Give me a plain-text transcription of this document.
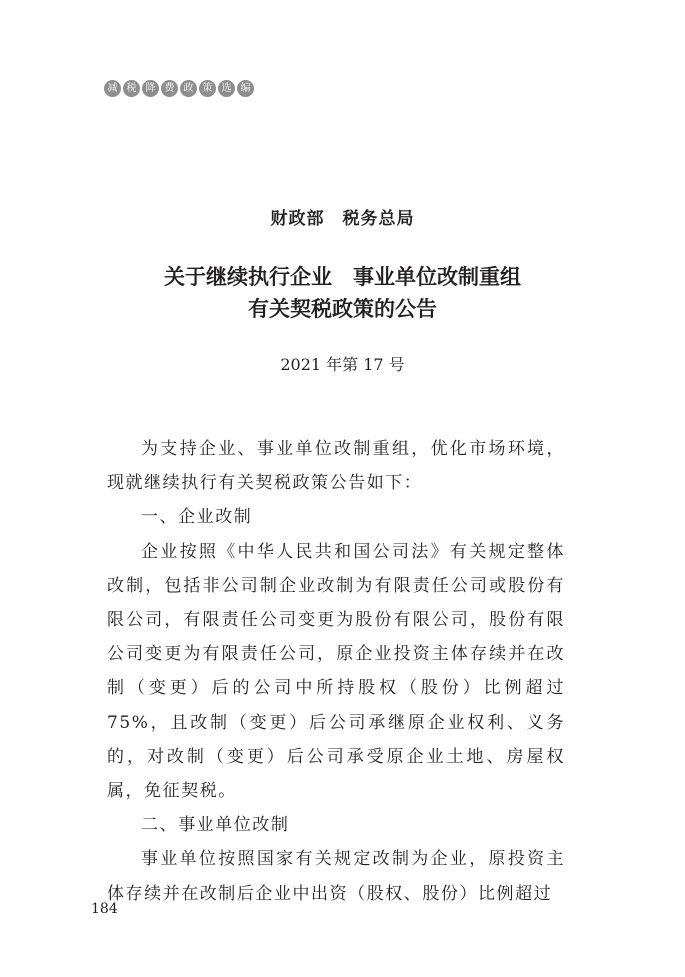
减 税 降 费 政 策 选 编
财政部　税务总局
关于继续执行企业　事业单位改制重组
有关契税政策的公告
2021 年第 17 号

为支持企业、事业单位改制重组，优化市场环境，现就继续执行有关契税政策公告如下：

一、企业改制

企业按照《中华人民共和国公司法》有关规定整体改制，包括非公司制企业改制为有限责任公司或股份有限公司，有限责任公司变更为股份有限公司，股份有限公司变更为有限责任公司，原企业投资主体存续并在改制（变更）后的公司中所持股权（股份）比例超过 75%，且改制（变更）后公司承继原企业权利、义务的，对改制（变更）后公司承受原企业土地、房屋权属，免征契税。

二、事业单位改制

事业单位按照国家有关规定改制为企业，原投资主体存续并在改制后企业中出资（股权、股份）比例超过

184
